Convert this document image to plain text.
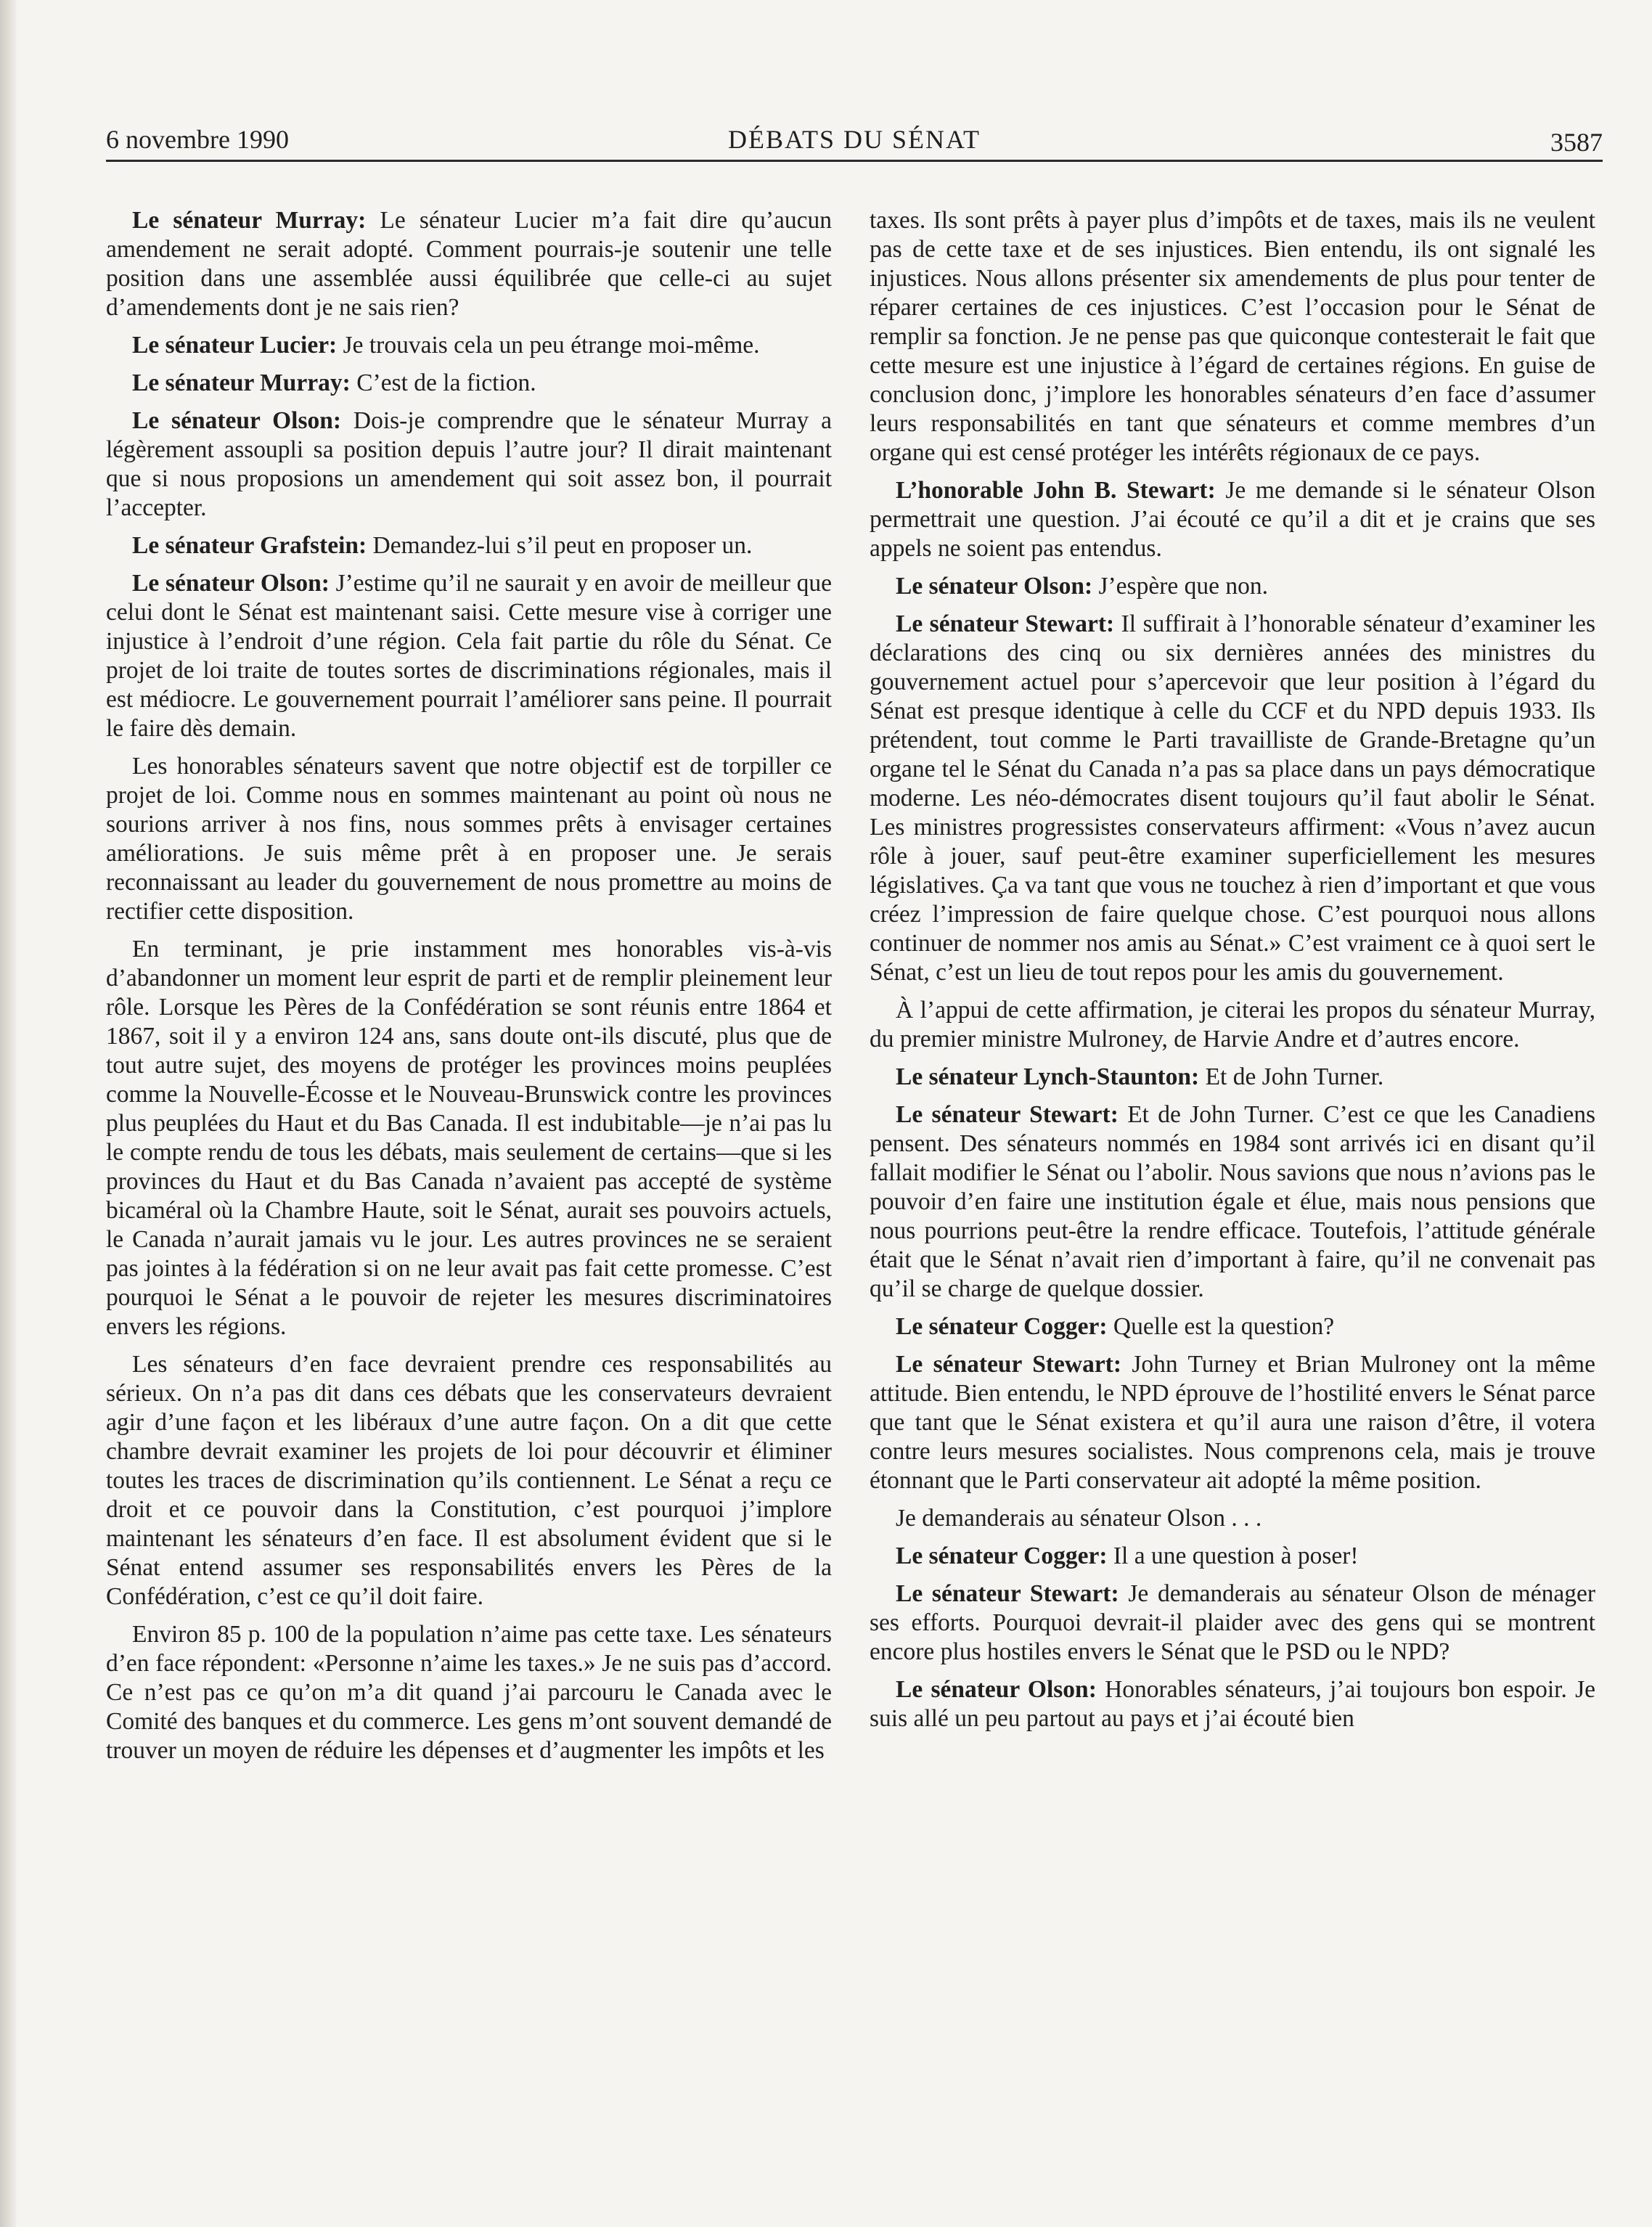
6 novembre 1990	DÉBATS DU SÉNAT	3587

Le sénateur Murray: Le sénateur Lucier m’a fait dire qu’aucun amendement ne serait adopté. Comment pourrais-je soutenir une telle position dans une assemblée aussi équilibrée que celle-ci au sujet d’amendements dont je ne sais rien?

Le sénateur Lucier: Je trouvais cela un peu étrange moi-même.

Le sénateur Murray: C’est de la fiction.

Le sénateur Olson: Dois-je comprendre que le sénateur Murray a légèrement assoupli sa position depuis l’autre jour? Il dirait maintenant que si nous proposions un amendement qui soit assez bon, il pourrait l’accepter.

Le sénateur Grafstein: Demandez-lui s’il peut en proposer un.

Le sénateur Olson: J’estime qu’il ne saurait y en avoir de meilleur que celui dont le Sénat est maintenant saisi. Cette mesure vise à corriger une injustice à l’endroit d’une région. Cela fait partie du rôle du Sénat. Ce projet de loi traite de toutes sortes de discriminations régionales, mais il est médiocre. Le gouvernement pourrait l’améliorer sans peine. Il pourrait le faire dès demain.

Les honorables sénateurs savent que notre objectif est de torpiller ce projet de loi. Comme nous en sommes maintenant au point où nous ne sourions arriver à nos fins, nous sommes prêts à envisager certaines améliorations. Je suis même prêt à en proposer une. Je serais reconnaissant au leader du gouvernement de nous promettre au moins de rectifier cette disposition.

En terminant, je prie instamment mes honorables vis-à-vis d’abandonner un moment leur esprit de parti et de remplir pleinement leur rôle. Lorsque les Pères de la Confédération se sont réunis entre 1864 et 1867, soit il y a environ 124 ans, sans doute ont-ils discuté, plus que de tout autre sujet, des moyens de protéger les provinces moins peuplées comme la Nouvelle-Écosse et le Nouveau-Brunswick contre les provinces plus peuplées du Haut et du Bas Canada. Il est indubitable—je n’ai pas lu le compte rendu de tous les débats, mais seulement de certains—que si les provinces du Haut et du Bas Canada n’avaient pas accepté de système bicaméral où la Chambre Haute, soit le Sénat, aurait ses pouvoirs actuels, le Canada n’aurait jamais vu le jour. Les autres provinces ne se seraient pas jointes à la fédération si on ne leur avait pas fait cette promesse. C’est pourquoi le Sénat a le pouvoir de rejeter les mesures discriminatoires envers les régions.

Les sénateurs d’en face devraient prendre ces responsabilités au sérieux. On n’a pas dit dans ces débats que les conservateurs devraient agir d’une façon et les libéraux d’une autre façon. On a dit que cette chambre devrait examiner les projets de loi pour découvrir et éliminer toutes les traces de discrimination qu’ils contiennent. Le Sénat a reçu ce droit et ce pouvoir dans la Constitution, c’est pourquoi j’implore maintenant les sénateurs d’en face. Il est absolument évident que si le Sénat entend assumer ses responsabilités envers les Pères de la Confédération, c’est ce qu’il doit faire.

Environ 85 p. 100 de la population n’aime pas cette taxe. Les sénateurs d’en face répondent: «Personne n’aime les taxes.» Je ne suis pas d’accord. Ce n’est pas ce qu’on m’a dit quand j’ai parcouru le Canada avec le Comité des banques et du commerce. Les gens m’ont souvent demandé de trouver un moyen de réduire les dépenses et d’augmenter les impôts et les

taxes. Ils sont prêts à payer plus d’impôts et de taxes, mais ils ne veulent pas de cette taxe et de ses injustices. Bien entendu, ils ont signalé les injustices. Nous allons présenter six amendements de plus pour tenter de réparer certaines de ces injustices. C’est l’occasion pour le Sénat de remplir sa fonction. Je ne pense pas que quiconque contesterait le fait que cette mesure est une injustice à l’égard de certaines régions. En guise de conclusion donc, j’implore les honorables sénateurs d’en face d’assumer leurs responsabilités en tant que sénateurs et comme membres d’un organe qui est censé protéger les intérêts régionaux de ce pays.

L’honorable John B. Stewart: Je me demande si le sénateur Olson permettrait une question. J’ai écouté ce qu’il a dit et je crains que ses appels ne soient pas entendus.

Le sénateur Olson: J’espère que non.

Le sénateur Stewart: Il suffirait à l’honorable sénateur d’examiner les déclarations des cinq ou six dernières années des ministres du gouvernement actuel pour s’apercevoir que leur position à l’égard du Sénat est presque identique à celle du CCF et du NPD depuis 1933. Ils prétendent, tout comme le Parti travailliste de Grande-Bretagne qu’un organe tel le Sénat du Canada n’a pas sa place dans un pays démocratique moderne. Les néo-démocrates disent toujours qu’il faut abolir le Sénat. Les ministres progressistes conservateurs affirment: «Vous n’avez aucun rôle à jouer, sauf peut-être examiner superficiellement les mesures législatives. Ça va tant que vous ne touchez à rien d’important et que vous créez l’impression de faire quelque chose. C’est pourquoi nous allons continuer de nommer nos amis au Sénat.» C’est vraiment ce à quoi sert le Sénat, c’est un lieu de tout repos pour les amis du gouvernement.

À l’appui de cette affirmation, je citerai les propos du sénateur Murray, du premier ministre Mulroney, de Harvie Andre et d’autres encore.

Le sénateur Lynch-Staunton: Et de John Turner.

Le sénateur Stewart: Et de John Turner. C’est ce que les Canadiens pensent. Des sénateurs nommés en 1984 sont arrivés ici en disant qu’il fallait modifier le Sénat ou l’abolir. Nous savions que nous n’avions pas le pouvoir d’en faire une institution égale et élue, mais nous pensions que nous pourrions peut-être la rendre efficace. Toutefois, l’attitude générale était que le Sénat n’avait rien d’important à faire, qu’il ne convenait pas qu’il se charge de quelque dossier.

Le sénateur Cogger: Quelle est la question?

Le sénateur Stewart: John Turney et Brian Mulroney ont la même attitude. Bien entendu, le NPD éprouve de l’hostilité envers le Sénat parce que tant que le Sénat existera et qu’il aura une raison d’être, il votera contre leurs mesures socialistes. Nous comprenons cela, mais je trouve étonnant que le Parti conservateur ait adopté la même position.

Je demanderais au sénateur Olson . . .

Le sénateur Cogger: Il a une question à poser!

Le sénateur Stewart: Je demanderais au sénateur Olson de ménager ses efforts. Pourquoi devrait-il plaider avec des gens qui se montrent encore plus hostiles envers le Sénat que le PSD ou le NPD?

Le sénateur Olson: Honorables sénateurs, j’ai toujours bon espoir. Je suis allé un peu partout au pays et j’ai écouté bien
